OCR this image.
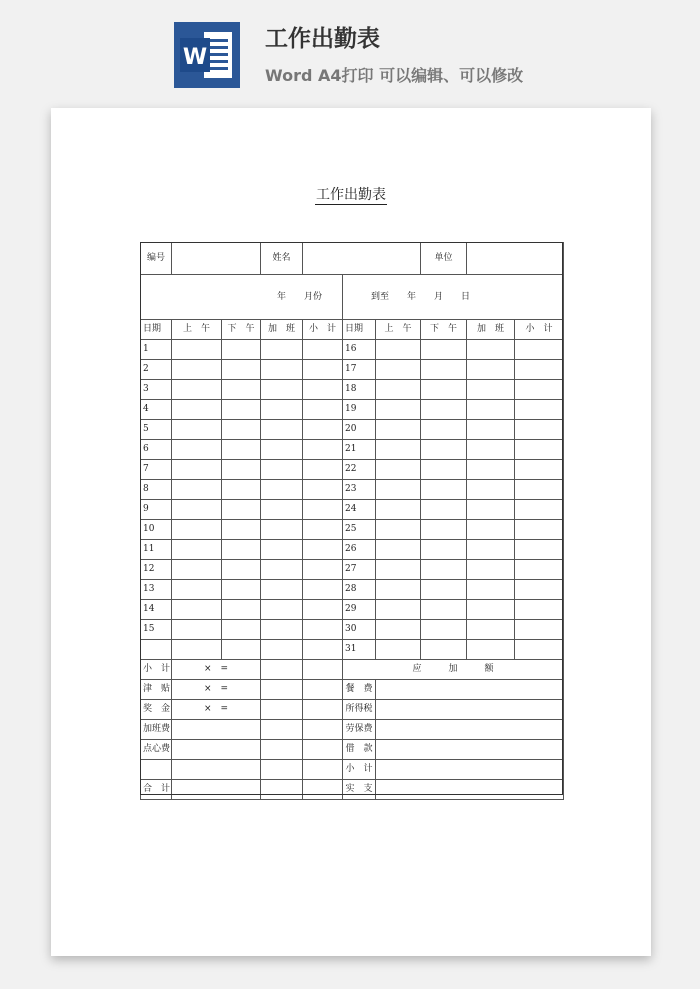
W
工作出勤表
Word A4打印 可以编辑、可以修改
工作出勤表
编号			姓名				单位		
年　　月份					到至　　年　　月　　日				
日期	上　午	下　午	加　班	小　计	日期	上　午	下　午	加　班	小　计
1					16				
2					17				
3					18				
4					19				
5					20				
6					21				
7					22				
8					23				
9					24				
10					25				
11					26				
12					27				
13					28				
14					29				
15					30				
					31				
小　计	×　=				应　　　加　　　额				
津　贴	×　=				餐　费				
奖　金	×　=				所得税				
加班费					劳保费				
点心费					借　款				
					小　计				
合　计					实　支				
